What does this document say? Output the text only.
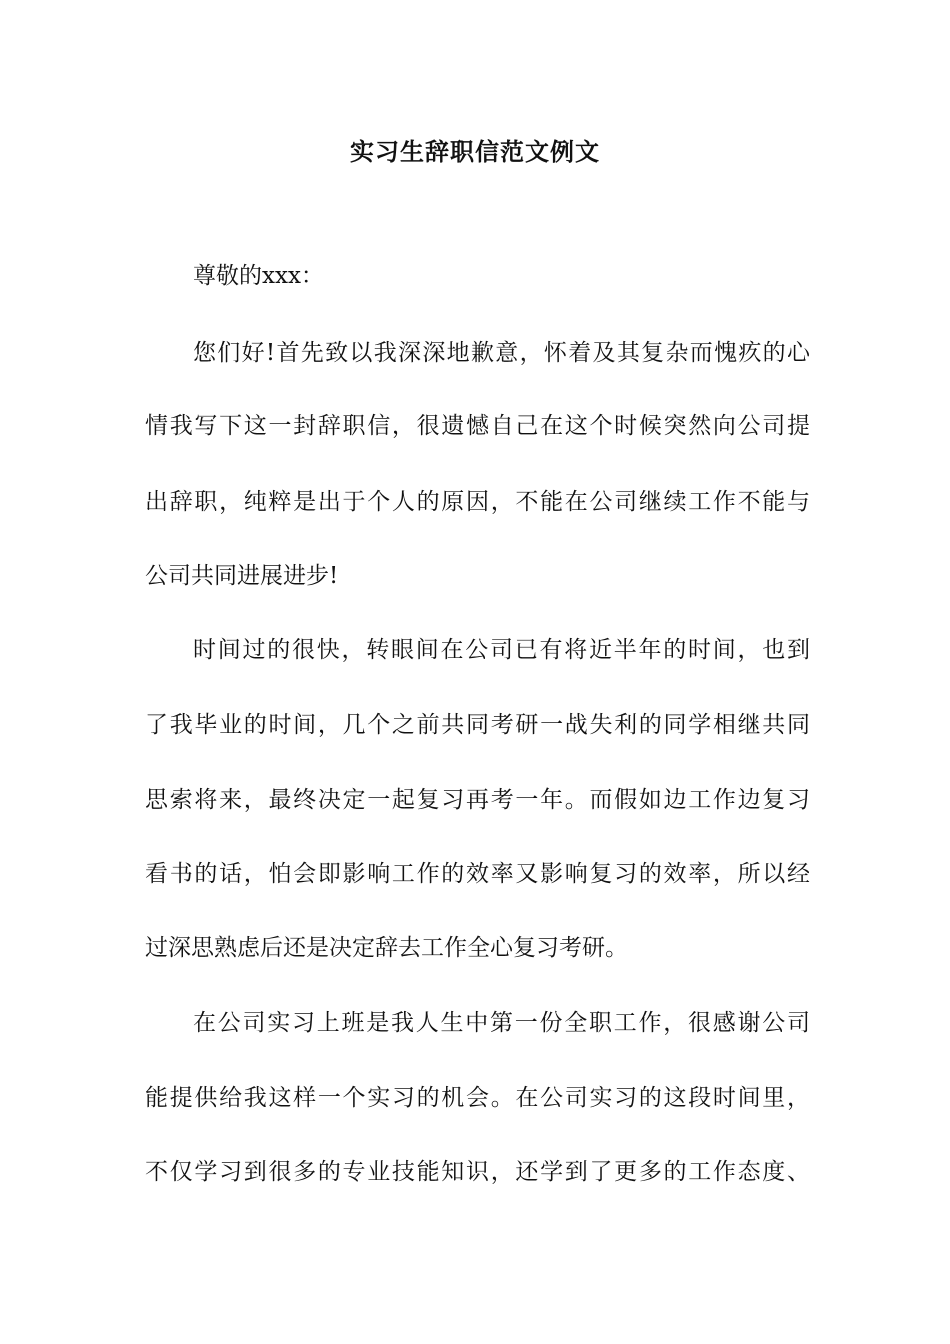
实习生辞职信范文例文
尊敬的xxx：
您们好!首先致以我深深地歉意，怀着及其复杂而愧疚的心
情我写下这一封辞职信，很遗憾自己在这个时候突然向公司提
出辞职，纯粹是出于个人的原因，不能在公司继续工作不能与
公司共同进展进步!
时间过的很快，转眼间在公司已有将近半年的时间，也到
了我毕业的时间，几个之前共同考研一战失利的同学相继共同
思索将来，最终决定一起复习再考一年。而假如边工作边复习
看书的话，怕会即影响工作的效率又影响复习的效率，所以经
过深思熟虑后还是决定辞去工作全心复习考研。
在公司实习上班是我人生中第一份全职工作，很感谢公司
能提供给我这样一个实习的机会。在公司实习的这段时间里，
不仅学习到很多的专业技能知识，还学到了更多的工作态度、
